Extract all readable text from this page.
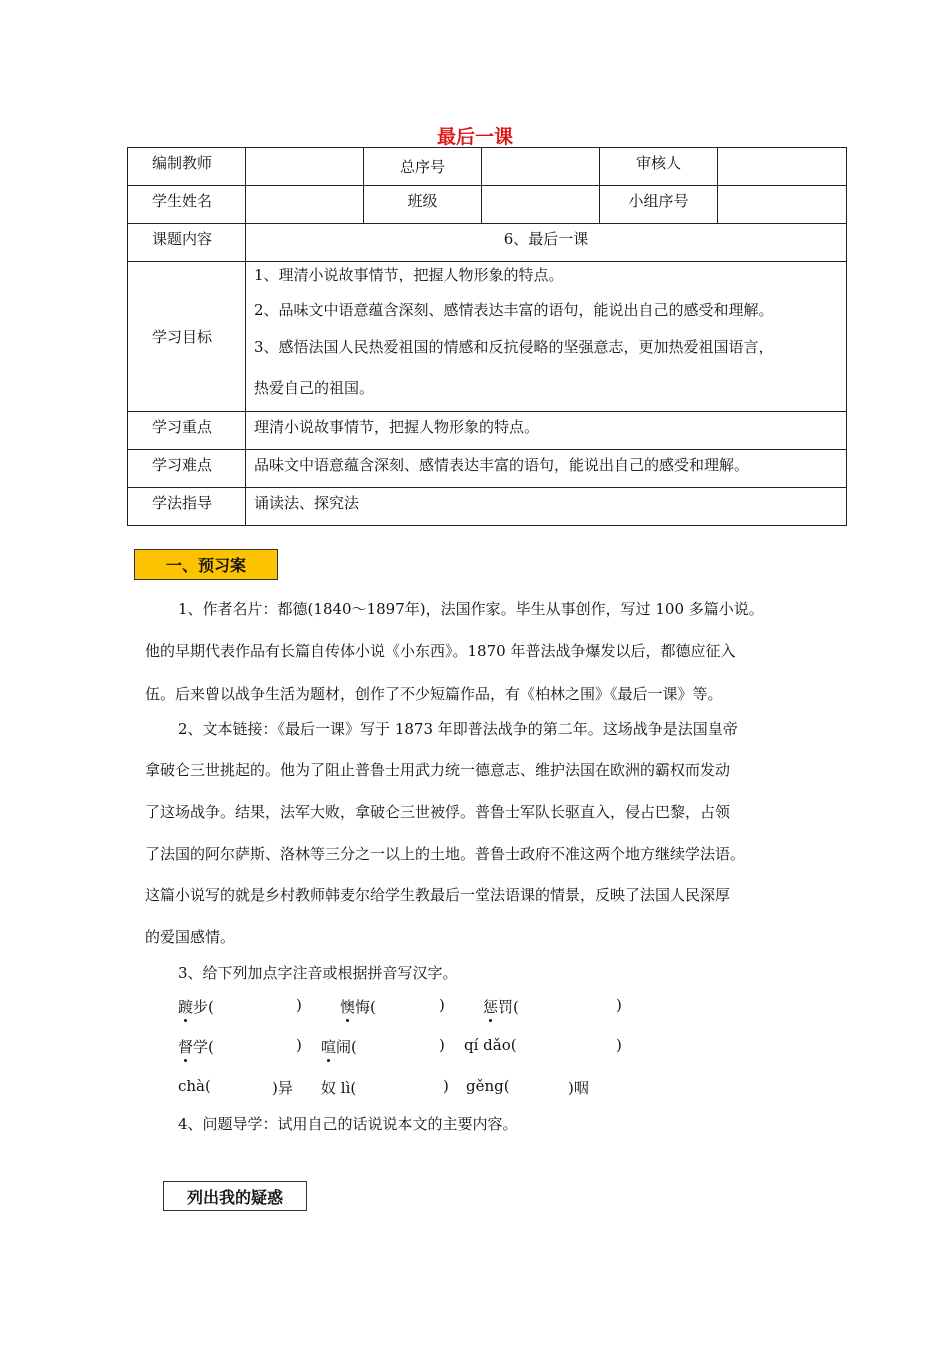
最后一课
编制教师		总序号		审核人	
学生姓名		班级		小组序号	
课题内容	6、最后一课				
学习目标	1、理清小说故事情节，把握人物形象的特点。

2、品味文中语意蕴含深刻、感情表达丰富的语句，能说出自己的感受和理解。

3、感悟法国人民热爱祖国的情感和反抗侵略的坚强意志，更加热爱祖国语言，

热爱自己的祖国。				

学习重点	理清小说故事情节，把握人物形象的特点。				
学习难点	品味文中语意蕴含深刻、感情表达丰富的语句，能说出自己的感受和理解。				
学法指导	诵读法、探究法				
一、预习案
1、作者名片：都德(1840～1897年)，法国作家。毕生从事创作，写过 100 多篇小说。
他的早期代表作品有长篇自传体小说《小东西》。1870 年普法战争爆发以后，都德应征入
伍。后来曾以战争生活为题材，创作了不少短篇作品，有《柏林之围》《最后一课》等。
2、文本链接：《最后一课》写于 1873 年即普法战争的第二年。这场战争是法国皇帝
拿破仑三世挑起的。他为了阻止普鲁士用武力统一德意志、维护法国在欧洲的霸权而发动
了这场战争。结果，法军大败，拿破仑三世被俘。普鲁士军队长驱直入，侵占巴黎，占领
了法国的阿尔萨斯、洛林等三分之一以上的土地。普鲁士政府不准这两个地方继续学法语。
这篇小说写的就是乡村教师韩麦尔给学生教最后一堂法语课的情景，反映了法国人民深厚
的爱国感情。
3、给下列加点字注音或根据拼音写汉字。
踱步(	)	懊悔(	)	惩罚(	)
督学(	) 喧闹(	) qí dǎo(	)
chà(	)异 奴 lì(	) gěng(	)咽
4、问题导学：试用自己的话说说本文的主要内容。
列出我的疑惑
